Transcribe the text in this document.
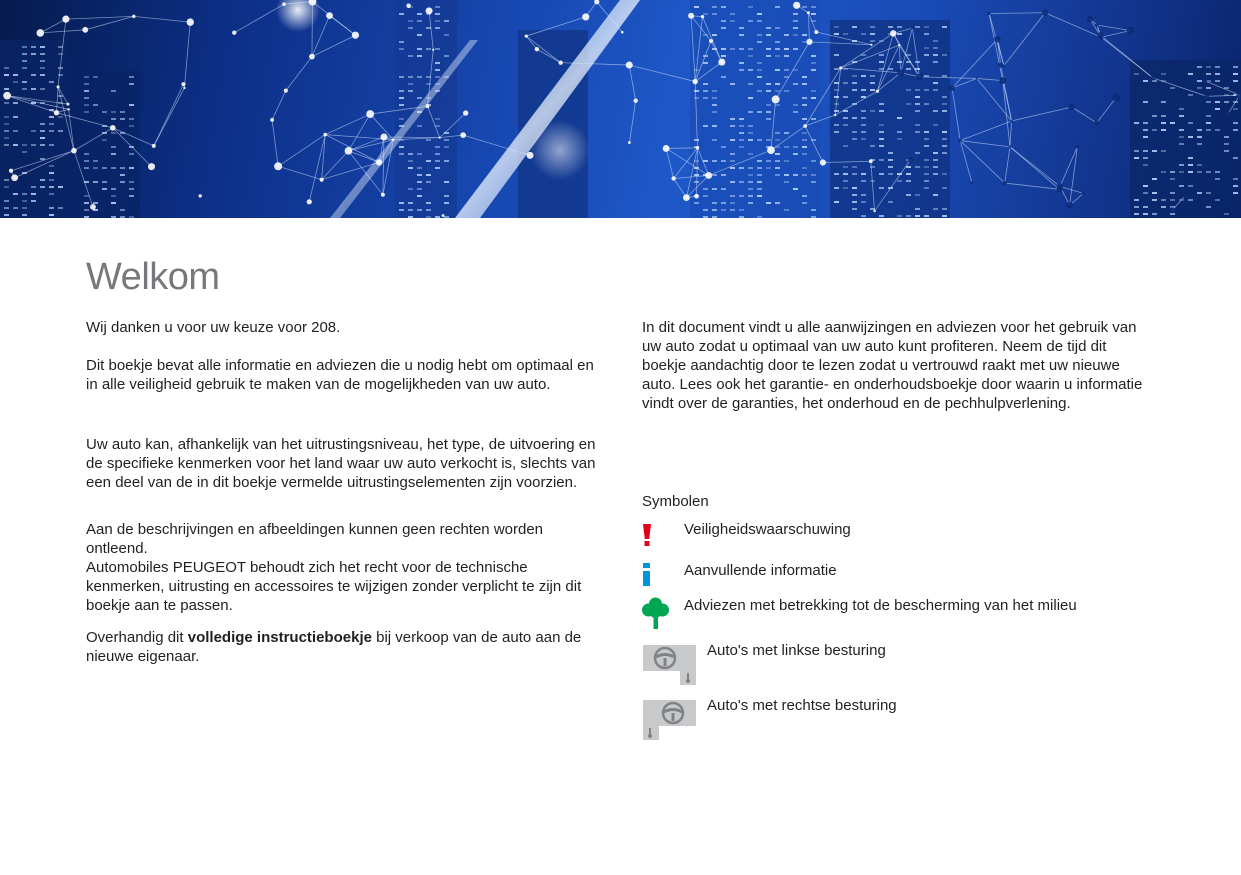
Welkom

Wij danken u voor uw keuze voor 208.

Dit boekje bevat alle informatie en adviezen die u nodig hebt om optimaal en in alle veiligheid gebruik te maken van de mogelijkheden van uw auto.

Uw auto kan, afhankelijk van het uitrustingsniveau, het type, de uitvoering en de specifieke kenmerken voor het land waar uw auto verkocht is, slechts van een deel van de in dit boekje vermelde uitrustingselementen zijn voorzien.

Aan de beschrijvingen en afbeeldingen kunnen geen rechten worden ontleend.
Automobiles PEUGEOT behoudt zich het recht voor de technische kenmerken, uitrusting en accessoires te wijzigen zonder verplicht te zijn dit boekje aan te passen.

Overhandig dit volledige instructieboekje bij verkoop van de auto aan de nieuwe eigenaar.

In dit document vindt u alle aanwijzingen en adviezen voor het gebruik van uw auto zodat u optimaal van uw auto kunt profiteren. Neem de tijd dit boekje aandachtig door te lezen zodat u vertrouwd raakt met uw nieuwe auto. Lees ook het garantie- en onderhoudsboekje door waarin u informatie vindt over de garanties, het onderhoud en de pechhulpverlening.

Symbolen

Veiligheidswaarschuwing

Aanvullende informatie

Adviezen met betrekking tot de bescherming van het milieu

Auto's met linkse besturing

Auto's met rechtse besturing
